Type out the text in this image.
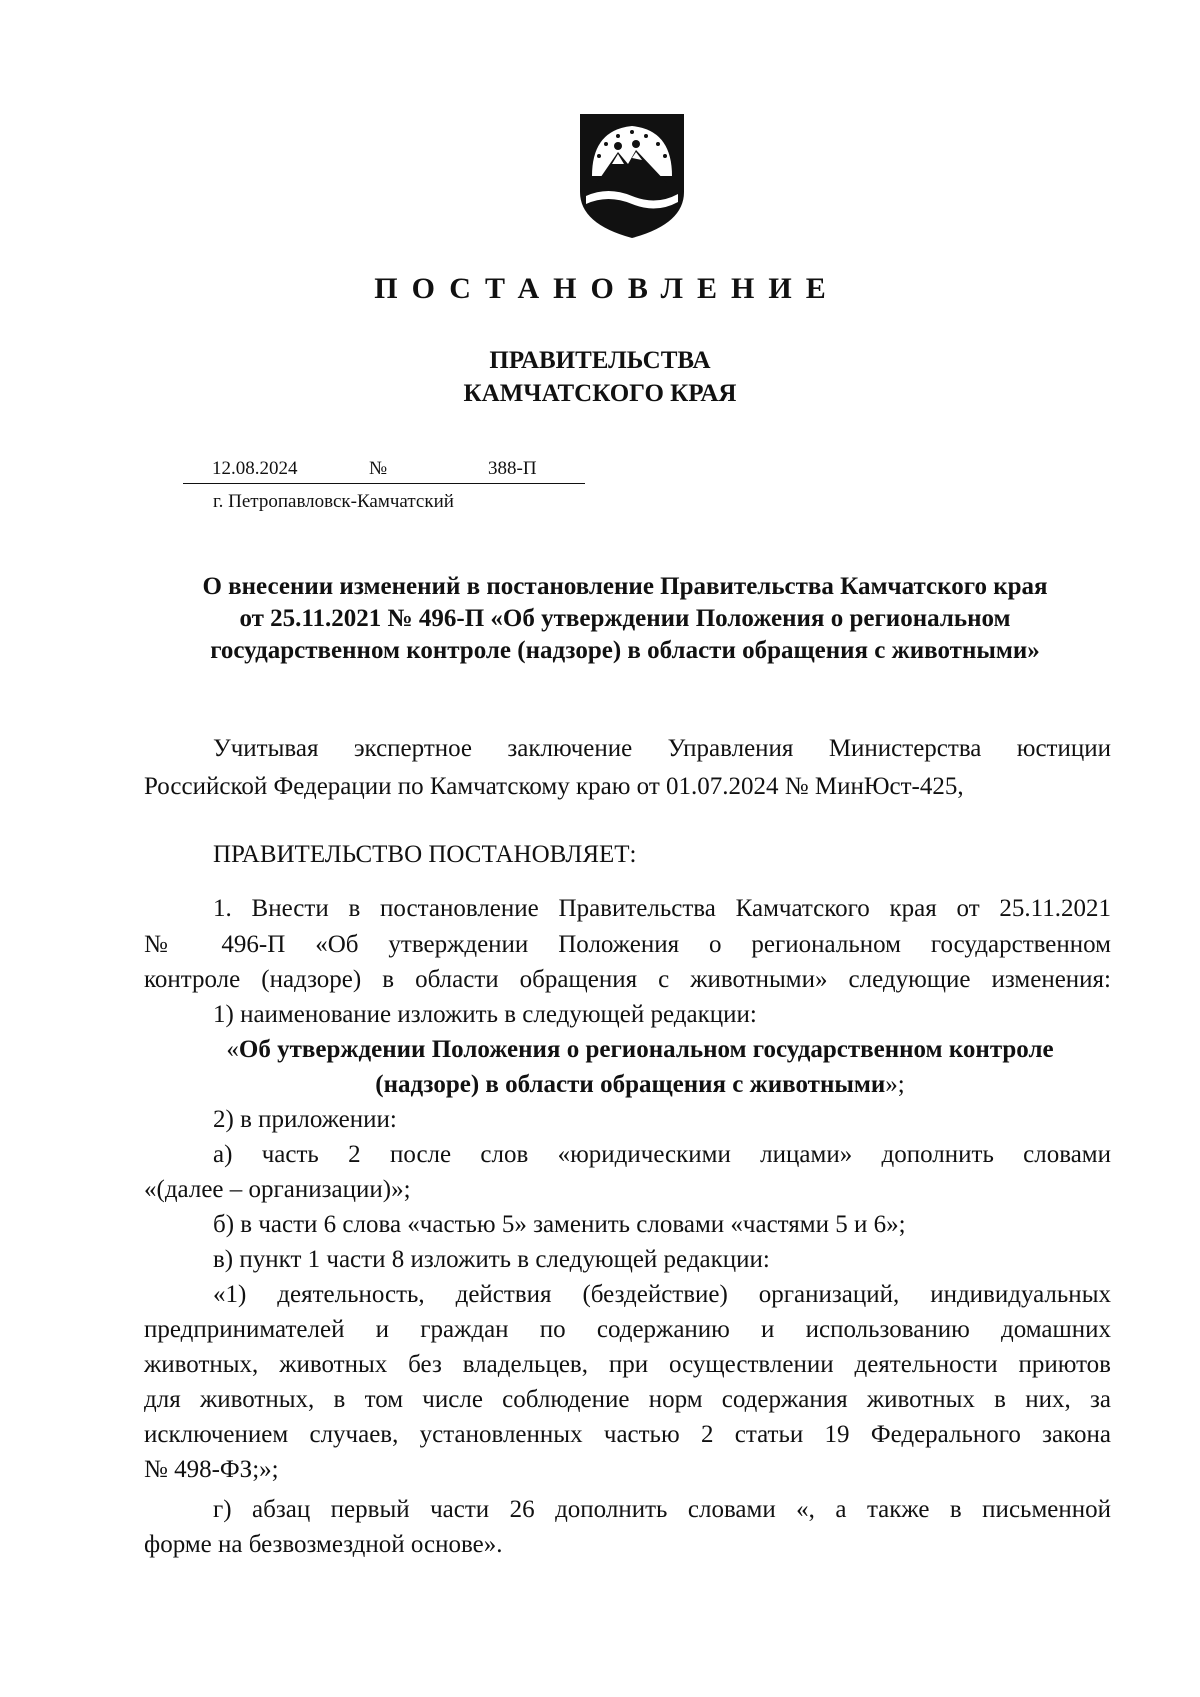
ПОСТАНОВЛЕНИЕ
ПРАВИТЕЛЬСТВА
КАМЧАТСКОГО КРАЯ
12.08.2024	№	388-П
г. Петропавловск-Камчатский
О внесении изменений в постановление Правительства Камчатского края
от 25.11.2021 № 496-П «Об утверждении Положения о региональном
государственном контроле (надзоре) в области обращения с животными»
Учитывая экспертное заключение Управления Министерства юстиции
Российской Федерации по Камчатскому краю от 01.07.2024 № МинЮст-425,
ПРАВИТЕЛЬСТВО ПОСТАНОВЛЯЕТ:
1. Внести в постановление Правительства Камчатского края от 25.11.2021
№ 496-П «Об утверждении Положения о региональном государственном
контроле (надзоре) в области обращения с животными» следующие изменения:
1) наименование изложить в следующей редакции:
«Об утверждении Положения о региональном государственном контроле
(надзоре) в области обращения с животными»;
2) в приложении:
а) часть 2 после слов «юридическими лицами» дополнить словами
«(далее – организации)»;
б) в части 6 слова «частью 5» заменить словами «частями 5 и 6»;
в) пункт 1 части 8 изложить в следующей редакции:
«1) деятельность, действия (бездействие) организаций, индивидуальных
предпринимателей и граждан по содержанию и использованию домашних
животных, животных без владельцев, при осуществлении деятельности приютов
для животных, в том числе соблюдение норм содержания животных в них, за
исключением случаев, установленных частью 2 статьи 19 Федерального закона
№ 498-ФЗ;»;
г) абзац первый части 26 дополнить словами «, а также в письменной
форме на безвозмездной основе».
